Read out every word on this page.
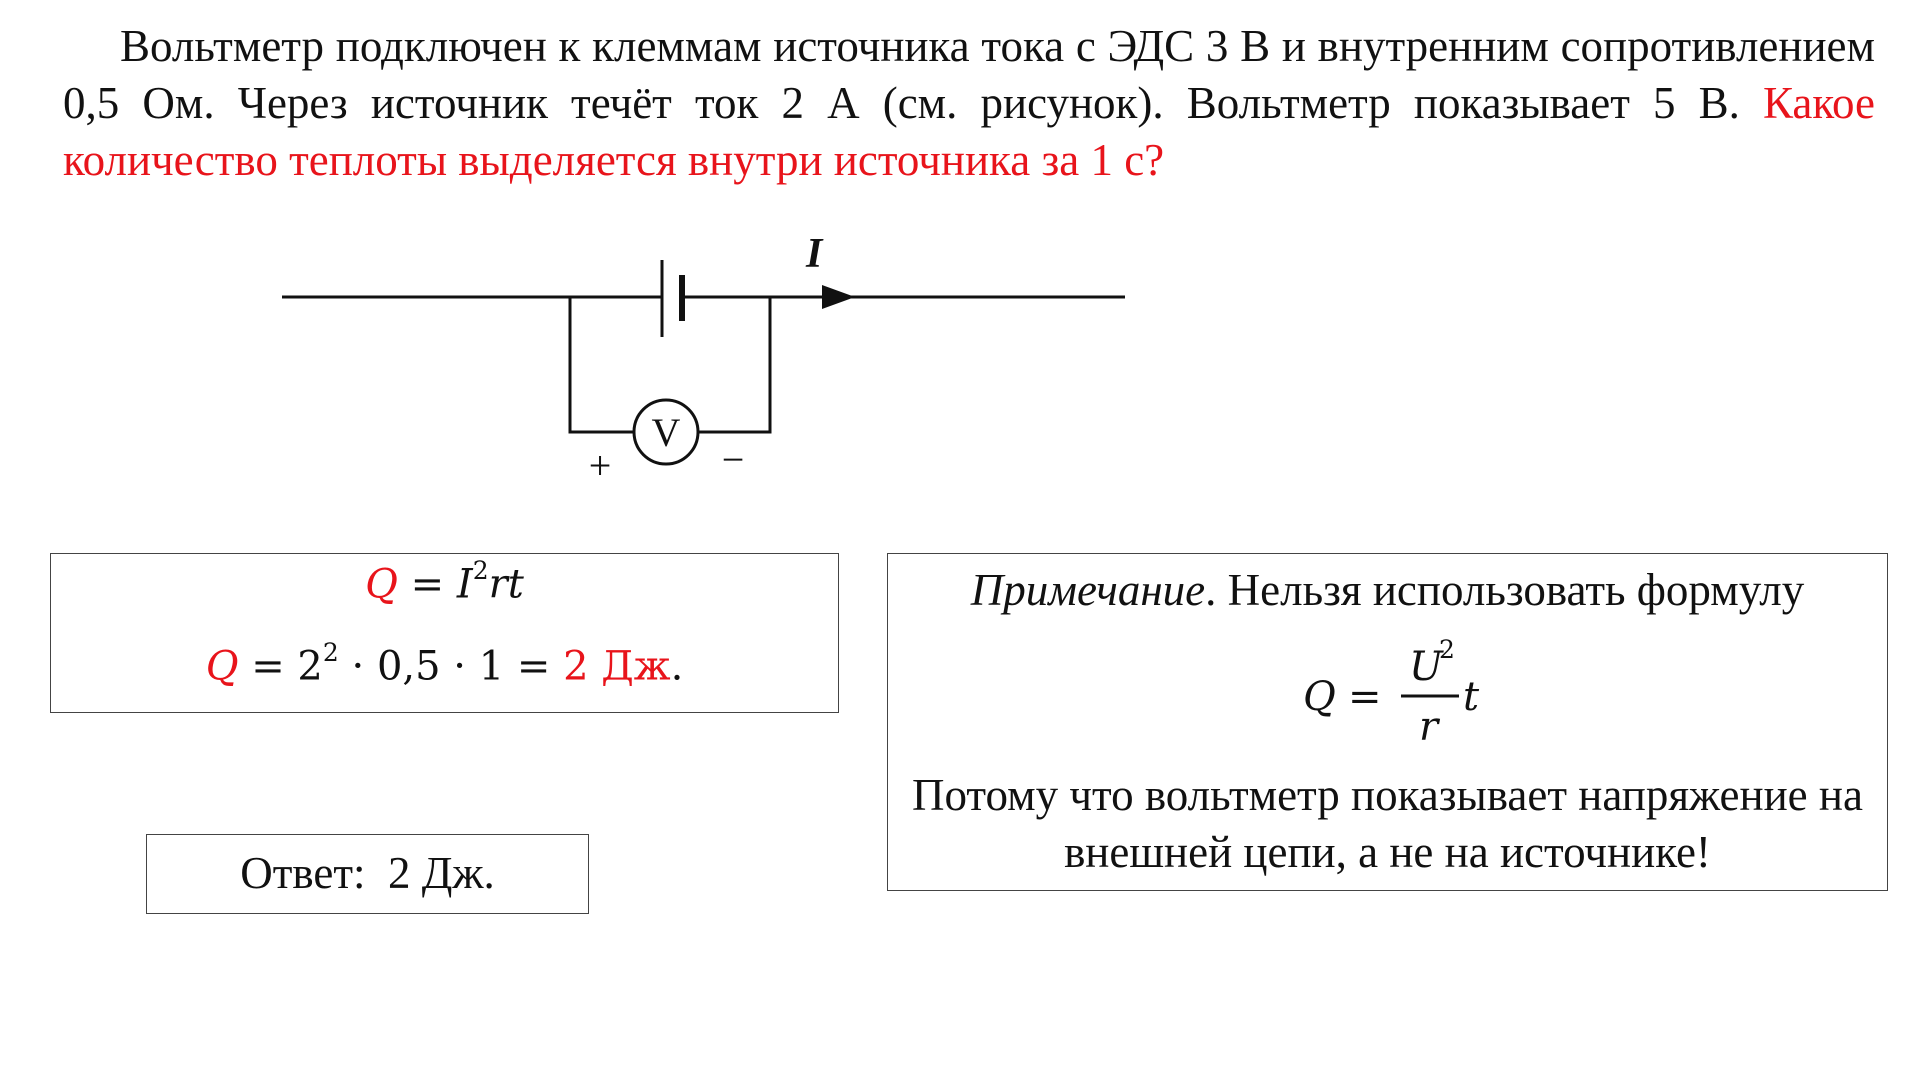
Вольтметр подключен к клеммам источника тока с ЭДС 3 В и внутренним сопротивлением 0,5 Ом. Через источник течёт ток 2 А (см. рисунок). Вольтметр показывает 5 В. Какое количество теплоты выделяется внутри источника за 1 с?
I
V
+	−
$Q = I^2rt$
$Q = 2^2 \cdot 0,5 \cdot 1 = 2$ Дж.
Ответ:  2 Дж.
Примечание. Нельзя использовать формулу
Q =
U
2
r
t
Потому что вольтметр показывает напряжение на внешней цепи, а не на источнике!
